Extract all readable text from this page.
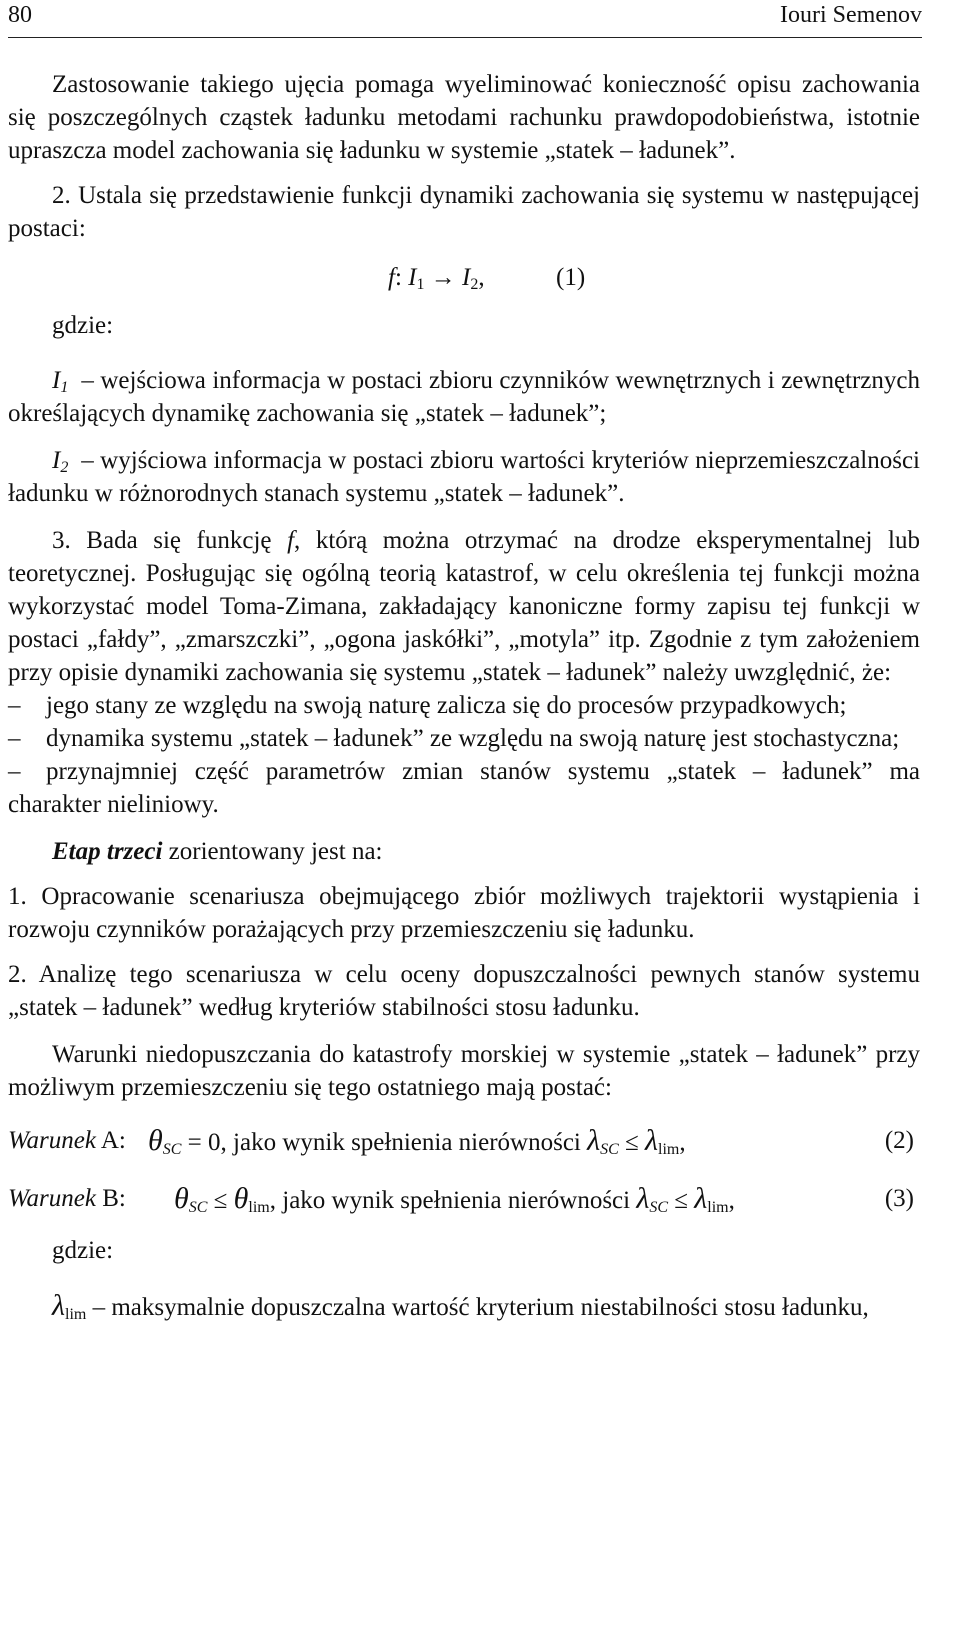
80	Iouri Semenov

Zastosowanie takiego ujęcia pomaga wyeliminować konieczność opisu zachowania się poszczególnych cząstek ładunku metodami rachunku prawdopodobieństwa, istotnie upraszcza model zachowania się ładunku w systemie „statek – ładunek”.

2. Ustala się przedstawienie funkcji dynamiki zachowania się systemu w następującej postaci:

f: $I_1 \to I_2$,	(1)
gdzie:

$I_1$ – wejściowa informacja w postaci zbioru czynników wewnętrznych i zewnętrznych określających dynamikę zachowania się „statek – ładunek”;

$I_2$ – wyjściowa informacja w postaci zbioru wartości kryteriów nieprzemieszczalności ładunku w różnorodnych stanach systemu „statek – ładunek”.

3. Bada się funkcję f, którą można otrzymać na drodze eksperymentalnej lub teoretycznej. Posługując się ogólną teorią katastrof, w celu określenia tej funkcji można wykorzystać model Toma-Zimana, zakładający kanoniczne formy zapisu tej funkcji w postaci „fałdy”, „zmarszczki”, „ogona jaskółki”, „motyla” itp. Zgodnie z tym założeniem przy opisie dynamiki zachowania się systemu „statek – ładunek” należy uwzględnić, że:

– jego stany ze względu na swoją naturę zalicza się do procesów przypadkowych;

– dynamika systemu „statek – ładunek” ze względu na swoją naturę jest stochastyczna;

– przynajmniej część parametrów zmian stanów systemu „statek – ładunek” ma charakter nieliniowy.

Etap trzeci zorientowany jest na:

1. Opracowanie scenariusza obejmującego zbiór możliwych trajektorii wystąpienia i rozwoju czynników porażających przy przemieszczeniu się ładunku.

2. Analizę tego scenariusza w celu oceny dopuszczalności pewnych stanów systemu „statek – ładunek” według kryteriów stabilności stosu ładunku.

Warunki niedopuszczania do katastrofy morskiej w systemie „statek – ładunek” przy możliwym przemieszczeniu się tego ostatniego mają postać:

Warunek A: $\theta_{SC} = 0$, jako wynik spełnienia nierówności $\lambda_{SC} \le \lambda_{lim}$,	(2)
Warunek B: $\theta_{SC} \le \theta_{lim}$, jako wynik spełnienia nierówności $\lambda_{SC} \le \lambda_{lim}$,	(3)
gdzie:

$\lambda_{lim}$ – maksymalnie dopuszczalna wartość kryterium niestabilności stosu ładunku,
